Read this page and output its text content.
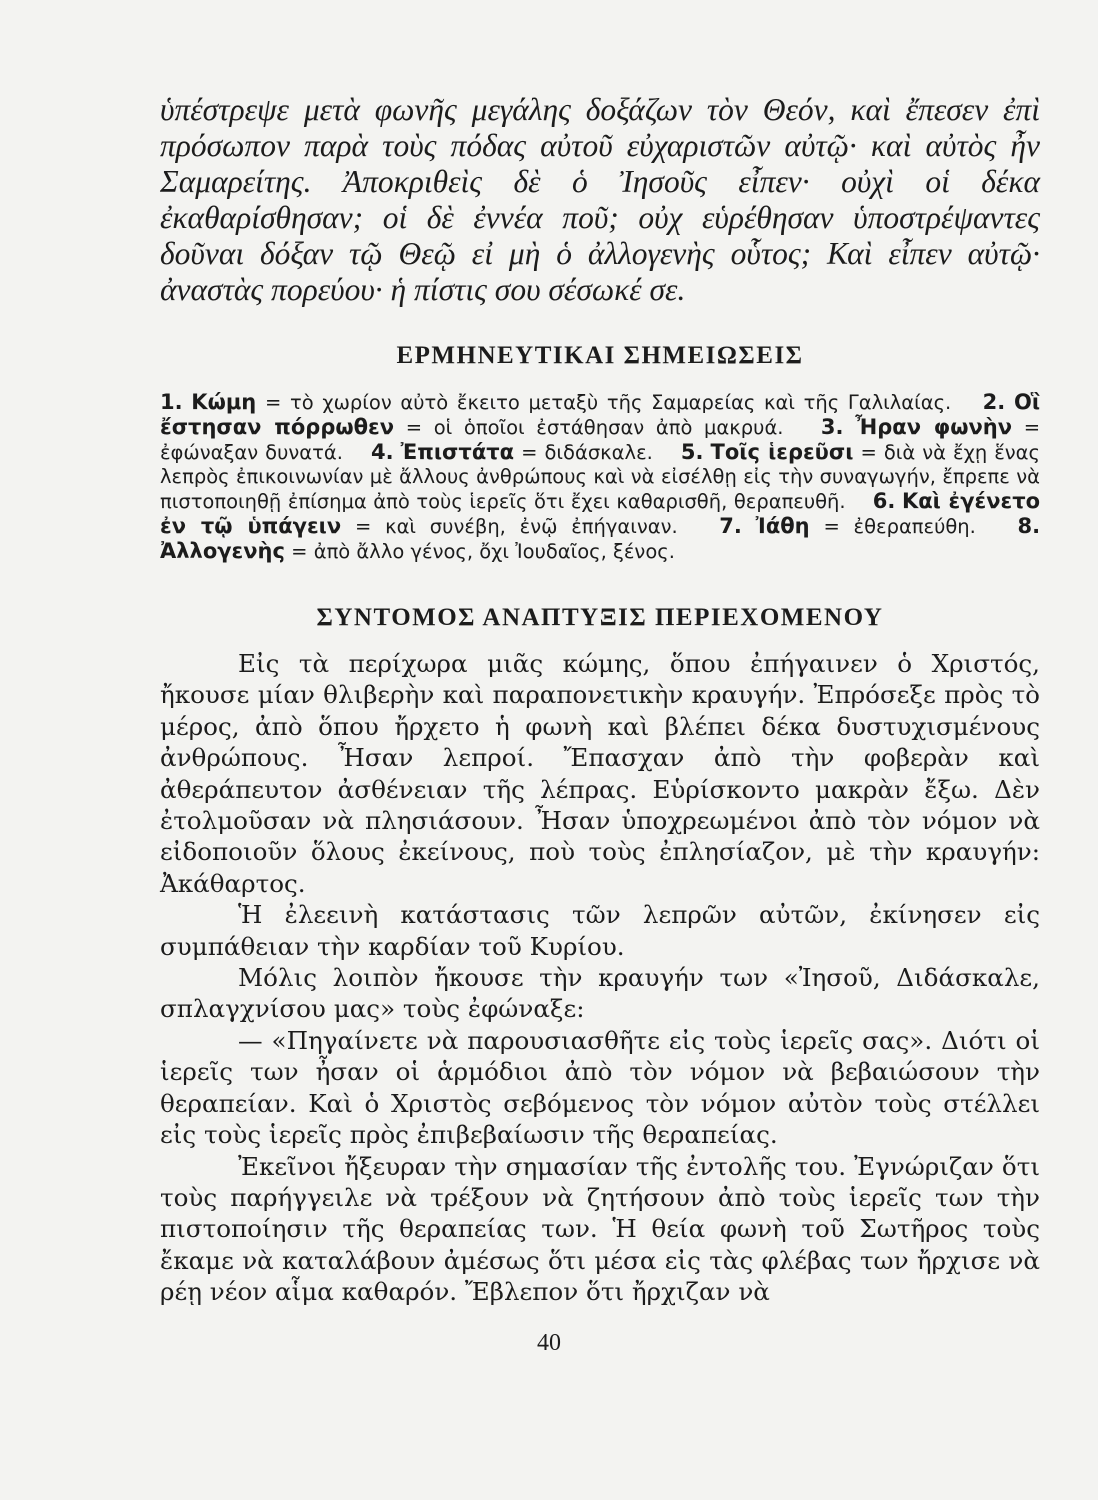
ὑπέστρεψε μετὰ φωνῆς μεγάλης δοξάζων τὸν Θεόν, καὶ ἔπεσεν ἐπὶ πρόσωπον παρὰ τοὺς πόδας αὐτοῦ εὐχαριστῶν αὐτῷ· καὶ αὐτὸς ἦν Σαμαρείτης. Ἀποκριθεὶς δὲ ὁ Ἰησοῦς εἶπεν· οὐχὶ οἱ δέκα ἐκαθαρίσθησαν; οἱ δὲ ἐννέα ποῦ; οὐχ εὑρέθησαν ὑποστρέψαντες δοῦναι δόξαν τῷ Θεῷ εἰ μὴ ὁ ἀλλογενὴς οὗτος; Καὶ εἶπεν αὐτῷ· ἀναστὰς πορεύου· ἡ πίστις σου σέσωκέ σε.

ΕΡΜΗΝΕΥΤΙΚΑΙ ΣΗΜΕΙΩΣΕΙΣ

1. Κώμη = τὸ χωρίον αὐτὸ ἔκειτο μεταξὺ τῆς Σαμαρείας καὶ τῆς Γαλιλαίας. 2. Οἳ ἔστησαν πόρρωθεν = οἱ ὁποῖοι ἐστάθησαν ἀπὸ μακρυά. 3. Ἦραν φωνὴν = ἐφώναξαν δυνατά. 4. Ἐπιστάτα = διδάσκαλε. 5. Τοῖς ἱερεῦσι = διὰ νὰ ἔχῃ ἕνας λεπρὸς ἐπικοινωνίαν μὲ ἄλλους ἀνθρώπους καὶ νὰ εἰσέλθῃ εἰς τὴν συναγωγήν, ἔπρεπε νὰ πιστοποιηθῇ ἐπίσημα ἀπὸ τοὺς ἱερεῖς ὅτι ἔχει καθαρισθῆ, θεραπευθῆ. 6. Καὶ ἐγένετο ἐν τῷ ὑπάγειν = καὶ συνέβη, ἐνῷ ἐπήγαιναν. 7. Ἰάθη = ἐθεραπεύθη. 8. Ἀλλογενὴς = ἀπὸ ἄλλο γένος, ὄχι Ἰουδαῖος, ξένος.

ΣΥΝΤΟΜΟΣ ΑΝΑΠΤΥΞΙΣ ΠΕΡΙΕΧΟΜΕΝΟΥ

Εἰς τὰ περίχωρα μιᾶς κώμης, ὅπου ἐπήγαινεν ὁ Χριστός, ἤκουσε μίαν θλιβερὴν καὶ παραπονετικὴν κραυγήν. Ἐπρόσεξε πρὸς τὸ μέρος, ἀπὸ ὅπου ἤρχετο ἡ φωνὴ καὶ βλέπει δέκα δυστυχισμένους ἀνθρώπους. Ἦσαν λεπροί. Ἔπασχαν ἀπὸ τὴν φοβερὰν καὶ ἀθεράπευτον ἀσθένειαν τῆς λέπρας. Εὑρίσκοντο μακρὰν ἔξω. Δὲν ἐτολμοῦσαν νὰ πλησιάσουν. Ἦσαν ὑποχρεωμένοι ἀπὸ τὸν νόμον νὰ εἰδοποιοῦν ὅλους ἐκείνους, ποὺ τοὺς ἐπλησίαζον, μὲ τὴν κραυγήν: Ἀκάθαρτος.

Ἡ ἐλεεινὴ κατάστασις τῶν λεπρῶν αὐτῶν, ἐκίνησεν εἰς συμπάθειαν τὴν καρδίαν τοῦ Κυρίου.

Μόλις λοιπὸν ἤκουσε τὴν κραυγήν των «Ἰησοῦ, Διδάσκαλε, σπλαγχνίσου μας» τοὺς ἐφώναξε:

— «Πηγαίνετε νὰ παρουσιασθῆτε εἰς τοὺς ἱερεῖς σας». Διότι οἱ ἱερεῖς των ἦσαν οἱ ἁρμόδιοι ἀπὸ τὸν νόμον νὰ βεβαιώσουν τὴν θεραπείαν. Καὶ ὁ Χριστὸς σεβόμενος τὸν νόμον αὐτὸν τοὺς στέλλει εἰς τοὺς ἱερεῖς πρὸς ἐπιβεβαίωσιν τῆς θεραπείας.

Ἐκεῖνοι ἤξευραν τὴν σημασίαν τῆς ἐντολῆς του. Ἐγνώριζαν ὅτι τοὺς παρήγγειλε νὰ τρέξουν νὰ ζητήσουν ἀπὸ τοὺς ἱερεῖς των τὴν πιστοποίησιν τῆς θεραπείας των. Ἡ θεία φωνὴ τοῦ Σωτῆρος τοὺς ἔκαμε νὰ καταλάβουν ἀμέσως ὅτι μέσα εἰς τὰς φλέβας των ἤρχισε νὰ ρέῃ νέον αἷμα καθαρόν. Ἔβλεπον ὅτι ἤρχιζαν νὰ

40
